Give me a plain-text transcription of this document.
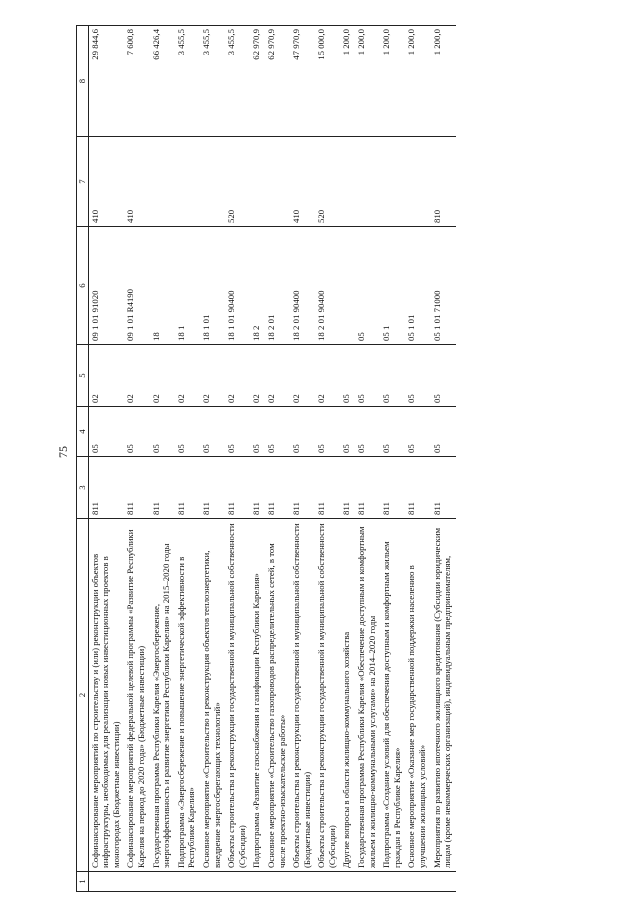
75
1	2	3	4	5	6	7	8
	Софинансирование мероприятий по строительству и (или) реконструкции объектов инфраструктуры, необходимых для реализации новых инвестиционных проектов в моногородах (Бюджетные инвестиции)	811	05	02	09 1 01 91020	410	29 844,6
	Софинансирование мероприятий федеральной целевой программы «Развитие Республики Карелия на период до 2020 года» (Бюджетные инвестиции)	811	05	02	09 1 01 R4190	410	7 600,8
	Государственная программа Республики Карелия «Энергосбережение, энергоэффективность и развитие энергетики Республики Карелия» на 2015–2020 годы	811	05	02	18		66 426,4
	Подпрограмма «Энергосбережение и повышение энергетической эффективности в Республике Карелия»	811	05	02	18 1		3 455,5
	Основное мероприятие «Строительство и реконструкция объектов теплоэнергетики, внедрение энергосберегающих технологий»	811	05	02	18 1 01		3 455,5
	Объекты строительства и реконструкции государственной и муниципальной собственности (Субсидии)	811	05	02	18 1 01 90400	520	3 455,5
	Подпрограмма «Развитие газоснабжения и газификации Республики Карелия»	811	05	02	18 2		62 970,9
	Основное мероприятие «Строительство газопроводов распределительных сетей, в том числе проектно-изыскательские работы»	811	05	02	18 2 01		62 970,9
	Объекты строительства и реконструкции государственной и муниципальной собственности (Бюджетные инвестиции)	811	05	02	18 2 01 90400	410	47 970,9
	Объекты строительства и реконструкции государственной и муниципальной собственности (Субсидии)	811	05	02	18 2 01 90400	520	15 000,0
	Другие вопросы в области жилищно-коммунального хозяйства	811	05	05			1 200,0
	Государственная программа Республики Карелия «Обеспечение доступным и комфортным жильем и жилищно-коммунальными услугами» на 2014–2020 годы	811	05	05	05		1 200,0
	Подпрограмма «Создание условий для обеспечения доступным и комфортным жильем граждан в Республике Карелия»	811	05	05	05 1		1 200,0
	Основное мероприятие «Оказание мер государственной поддержки населению в улучшении жилищных условий»	811	05	05	05 1 01		1 200,0
	Мероприятия по развитию ипотечного жилищного кредитования (Субсидии юридическим лицам (кроме некоммерческих организаций), индивидуальным предпринимателям,	811	05	05	05 1 01 71000	810	1 200,0
